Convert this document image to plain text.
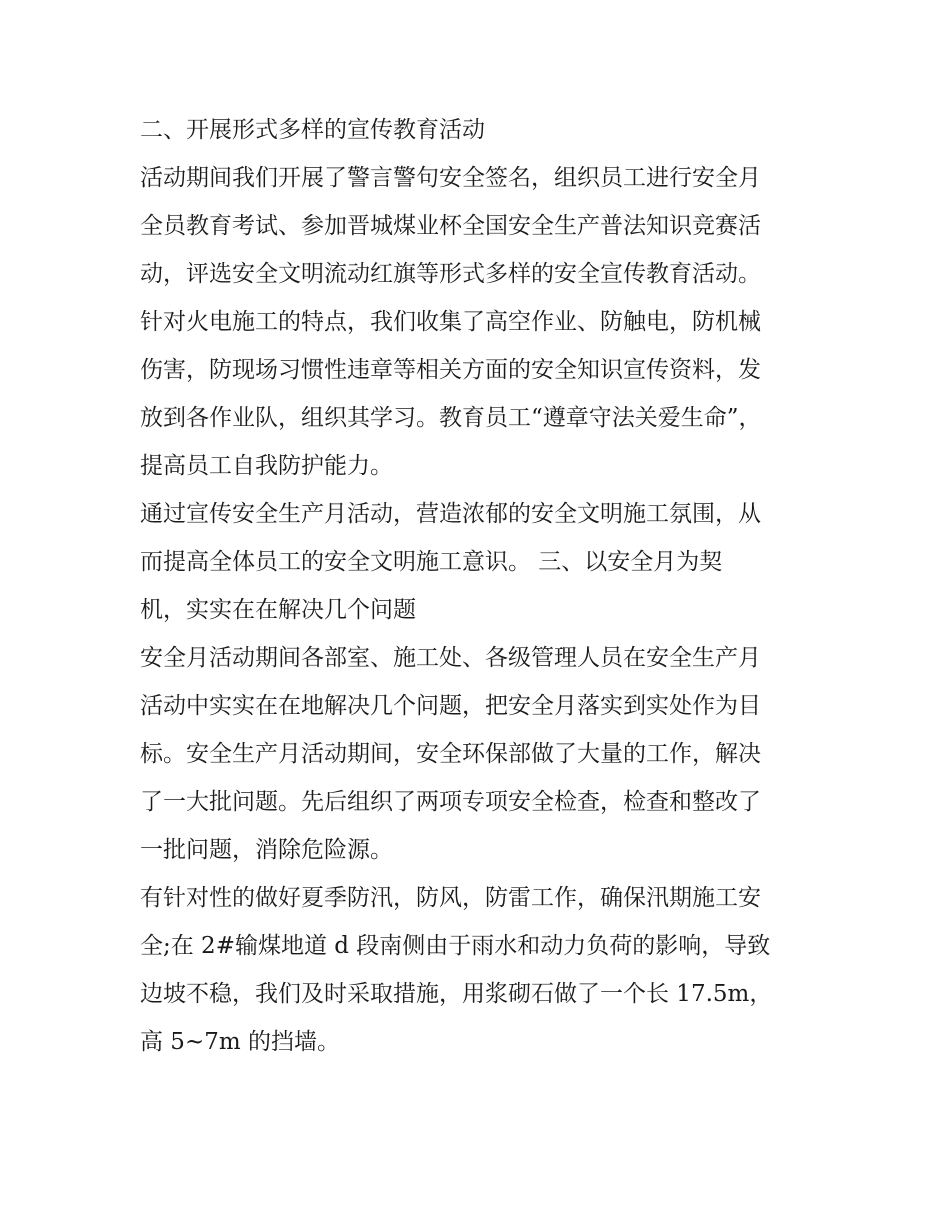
二、开展形式多样的宣传教育活动
活动期间我们开展了警言警句安全签名，组织员工进行安全月
全员教育考试、参加晋城煤业杯全国安全生产普法知识竞赛活
动，评选安全文明流动红旗等形式多样的安全宣传教育活动。
针对火电施工的特点，我们收集了高空作业、防触电，防机械
伤害，防现场习惯性违章等相关方面的安全知识宣传资料，发
放到各作业队，组织其学习。教育员工“遵章守法关爱生命”，
提高员工自我防护能力。
通过宣传安全生产月活动，营造浓郁的安全文明施工氛围，从
而提高全体员工的安全文明施工意识。 三、以安全月为契
机，实实在在解决几个问题
安全月活动期间各部室、施工处、各级管理人员在安全生产月
活动中实实在在地解决几个问题，把安全月落实到实处作为目
标。安全生产月活动期间，安全环保部做了大量的工作，解决
了一大批问题。先后组织了两项专项安全检查，检查和整改了
一批问题，消除危险源。
有针对性的做好夏季防汛，防风，防雷工作，确保汛期施工安
全;在 2#输煤地道 d 段南侧由于雨水和动力负荷的影响，导致
边坡不稳，我们及时采取措施，用浆砌石做了一个长 17.5m，
高 5~7m 的挡墙。
